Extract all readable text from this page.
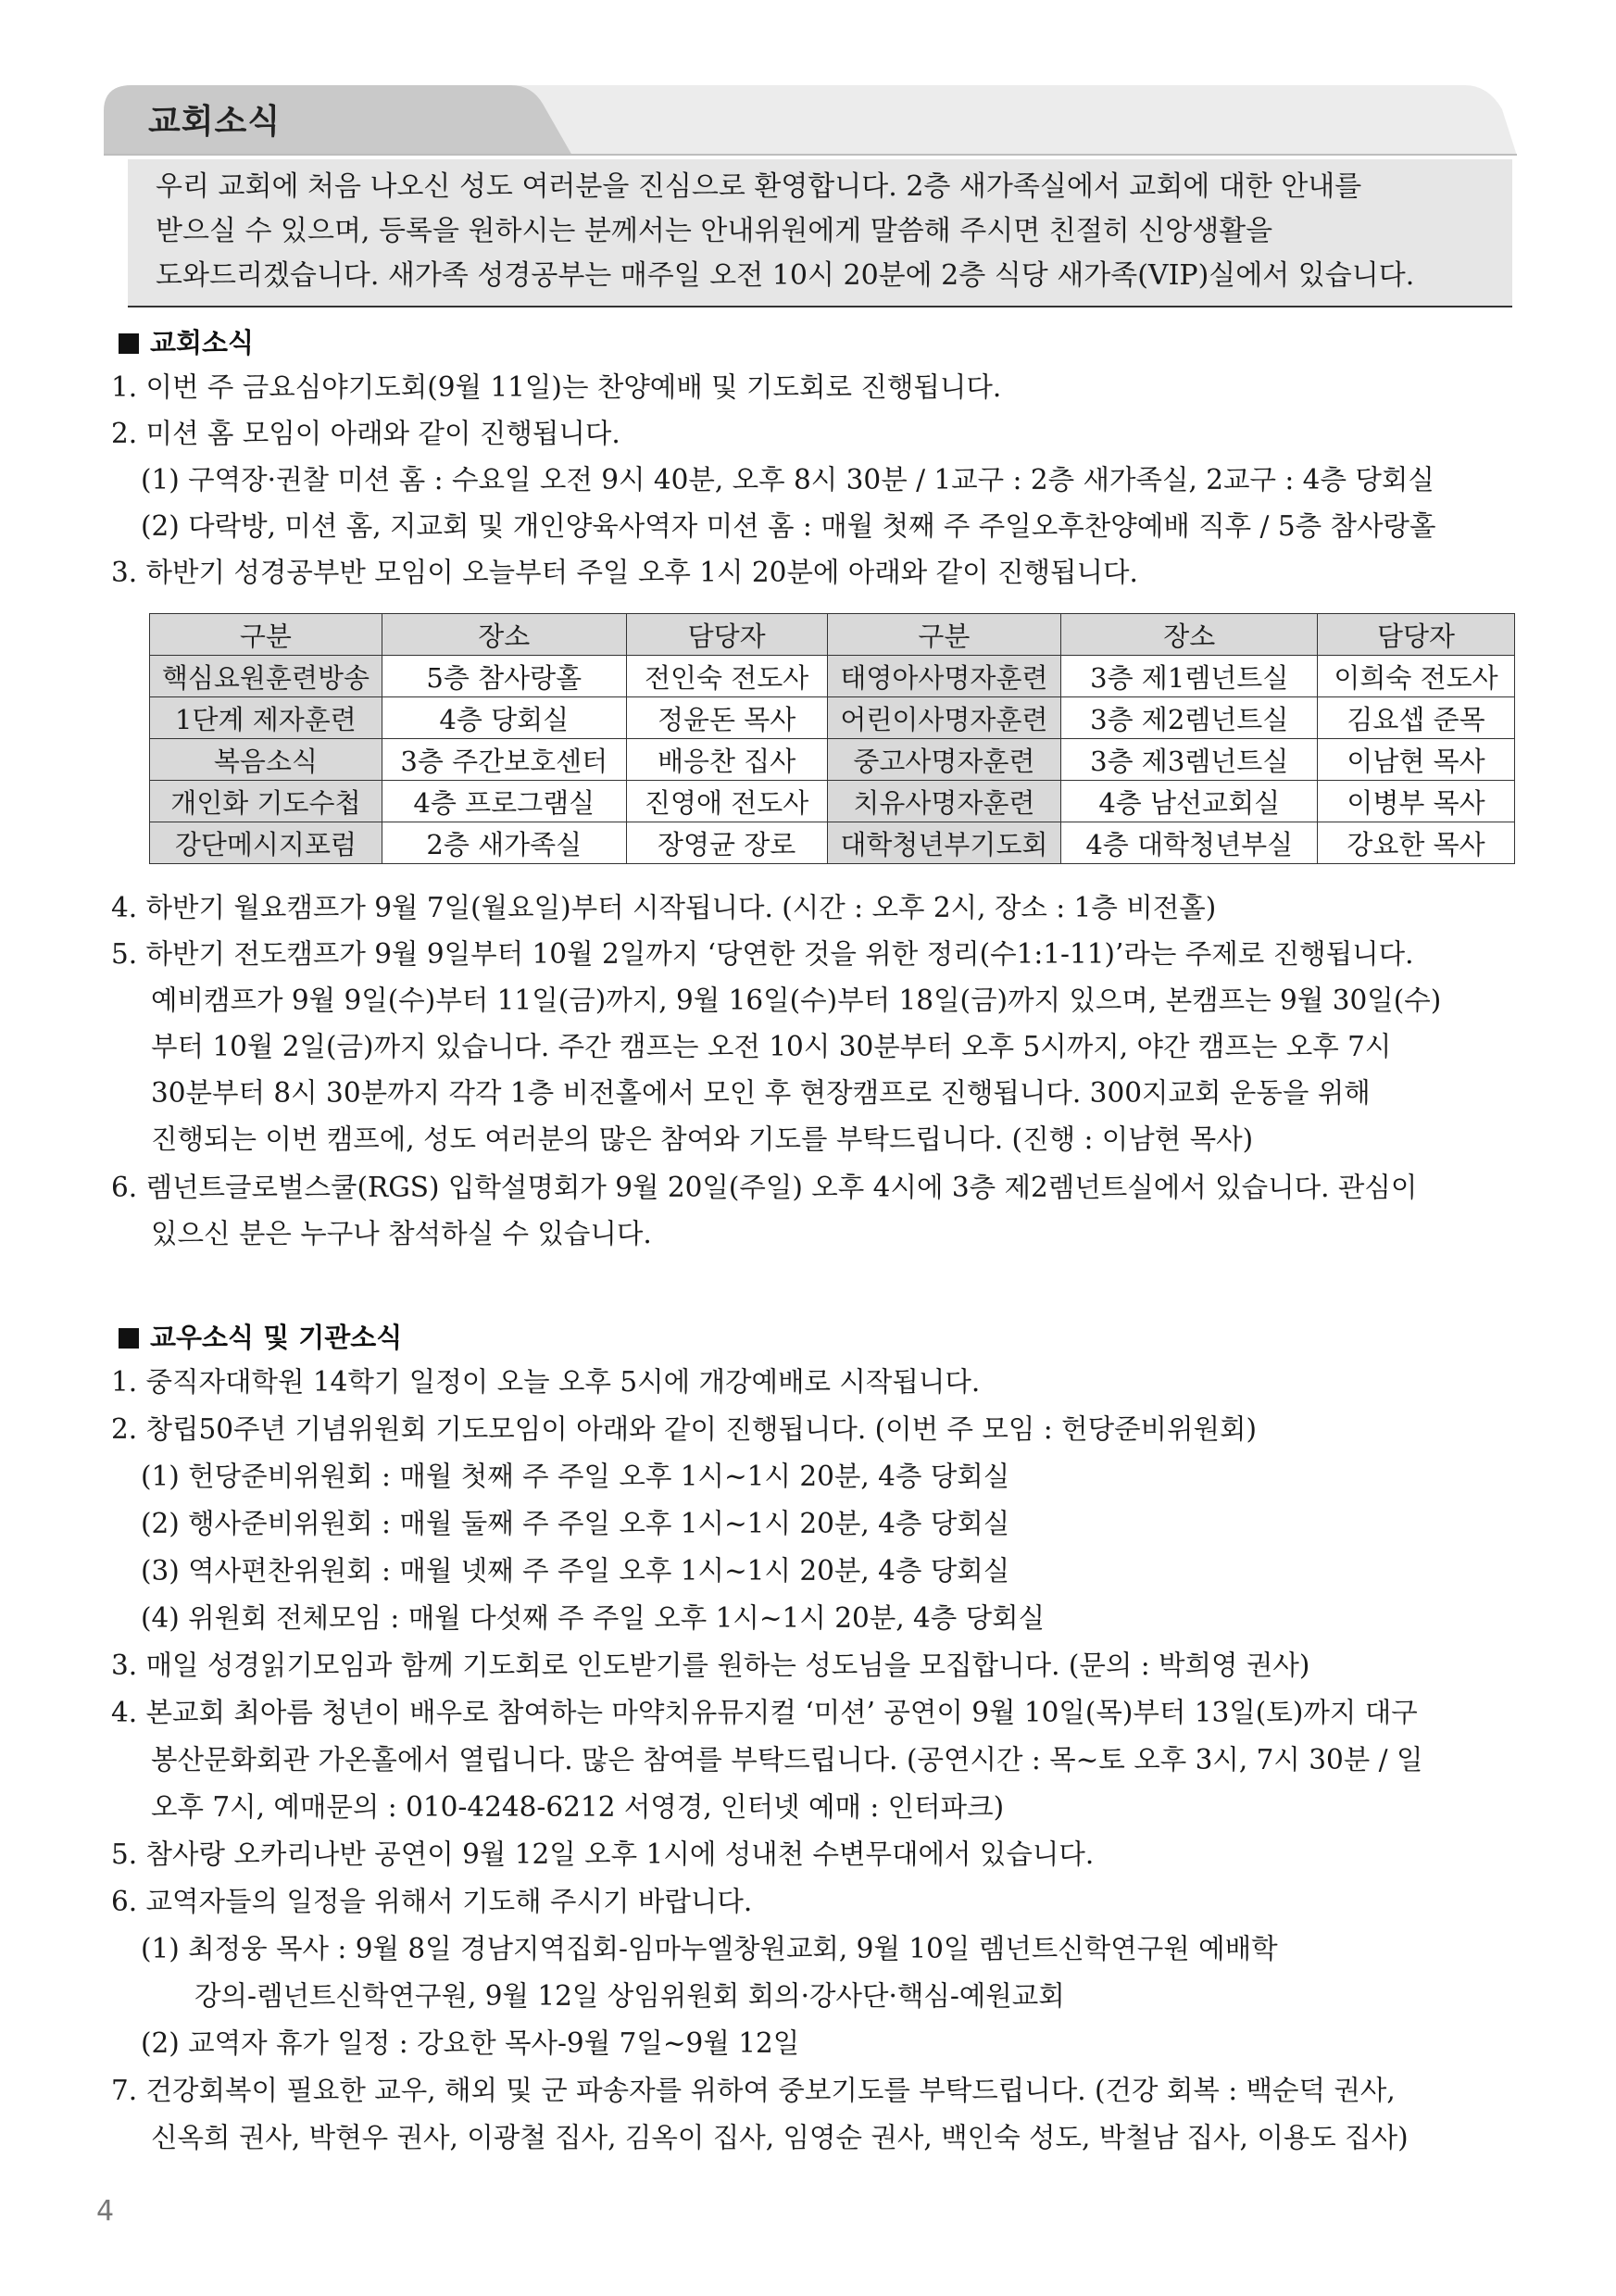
교회소식

우리 교회에 처음 나오신 성도 여러분을 진심으로 환영합니다. 2층 새가족실에서 교회에 대한 안내를

받으실 수 있으며, 등록을 원하시는 분께서는 안내위원에게 말씀해 주시면 친절히 신앙생활을

도와드리겠습니다. 새가족 성경공부는 매주일 오전 10시 20분에 2층 식당 새가족(VIP)실에서 있습니다.

교회소식
1. 이번 주 금요심야기도회(9월 11일)는 찬양예배 및 기도회로 진행됩니다.
2. 미션 홈 모임이 아래와 같이 진행됩니다.
(1) 구역장·권찰 미션 홈 : 수요일 오전 9시 40분, 오후 8시 30분 / 1교구 : 2층 새가족실, 2교구 : 4층 당회실
(2) 다락방, 미션 홈, 지교회 및 개인양육사역자 미션 홈 : 매월 첫째 주 주일오후찬양예배 직후 / 5층 참사랑홀
3. 하반기 성경공부반 모임이 오늘부터 주일 오후 1시 20분에 아래와 같이 진행됩니다.
구분	장소	담당자	구분	장소	담당자
핵심요원훈련방송	5층 참사랑홀	전인숙 전도사	태영아사명자훈련	3층 제1렘넌트실	이희숙 전도사
1단계 제자훈련	4층 당회실	정윤돈 목사	어린이사명자훈련	3층 제2렘넌트실	김요셉 준목
복음소식	3층 주간보호센터	배응찬 집사	중고사명자훈련	3층 제3렘넌트실	이남현 목사
개인화 기도수첩	4층 프로그램실	진영애 전도사	치유사명자훈련	4층 남선교회실	이병부 목사
강단메시지포럼	2층 새가족실	장영균 장로	대학청년부기도회	4층 대학청년부실	강요한 목사
4. 하반기 월요캠프가 9월 7일(월요일)부터 시작됩니다. (시간 : 오후 2시, 장소 : 1층 비전홀)
5. 하반기 전도캠프가 9월 9일부터 10월 2일까지 ‘당연한 것을 위한 정리(수1:1-11)’라는 주제로 진행됩니다.
예비캠프가 9월 9일(수)부터 11일(금)까지, 9월 16일(수)부터 18일(금)까지 있으며, 본캠프는 9월 30일(수)
부터 10월 2일(금)까지 있습니다. 주간 캠프는 오전 10시 30분부터 오후 5시까지, 야간 캠프는 오후 7시
30분부터 8시 30분까지 각각 1층 비전홀에서 모인 후 현장캠프로 진행됩니다. 300지교회 운동을 위해
진행되는 이번 캠프에, 성도 여러분의 많은 참여와 기도를 부탁드립니다. (진행 : 이남현 목사)
6. 렘넌트글로벌스쿨(RGS) 입학설명회가 9월 20일(주일) 오후 4시에 3층 제2렘넌트실에서 있습니다. 관심이
있으신 분은 누구나 참석하실 수 있습니다.
교우소식 및 기관소식
1. 중직자대학원 14학기 일정이 오늘 오후 5시에 개강예배로 시작됩니다.
2. 창립50주년 기념위원회 기도모임이 아래와 같이 진행됩니다. (이번 주 모임 : 헌당준비위원회)
(1) 헌당준비위원회 : 매월 첫째 주 주일 오후 1시~1시 20분, 4층 당회실
(2) 행사준비위원회 : 매월 둘째 주 주일 오후 1시~1시 20분, 4층 당회실
(3) 역사편찬위원회 : 매월 넷째 주 주일 오후 1시~1시 20분, 4층 당회실
(4) 위원회 전체모임 : 매월 다섯째 주 주일 오후 1시~1시 20분, 4층 당회실
3. 매일 성경읽기모임과 함께 기도회로 인도받기를 원하는 성도님을 모집합니다. (문의 : 박희영 권사)
4. 본교회 최아름 청년이 배우로 참여하는 마약치유뮤지컬 ‘미션’ 공연이 9월 10일(목)부터 13일(토)까지 대구
봉산문화회관 가온홀에서 열립니다. 많은 참여를 부탁드립니다. (공연시간 : 목~토 오후 3시, 7시 30분 / 일
오후 7시, 예매문의 : 010-4248-6212 서영경, 인터넷 예매 : 인터파크)
5. 참사랑 오카리나반 공연이 9월 12일 오후 1시에 성내천 수변무대에서 있습니다.
6. 교역자들의 일정을 위해서 기도해 주시기 바랍니다.
(1) 최정웅 목사 : 9월 8일 경남지역집회-임마누엘창원교회, 9월 10일 렘넌트신학연구원 예배학
강의-렘넌트신학연구원, 9월 12일 상임위원회 회의·강사단·핵심-예원교회
(2) 교역자 휴가 일정 : 강요한 목사-9월 7일~9월 12일
7. 건강회복이 필요한 교우, 해외 및 군 파송자를 위하여 중보기도를 부탁드립니다. (건강 회복 : 백순덕 권사,
신옥희 권사, 박현우 권사, 이광철 집사, 김옥이 집사, 임영순 권사, 백인숙 성도, 박철남 집사, 이용도 집사)
4
